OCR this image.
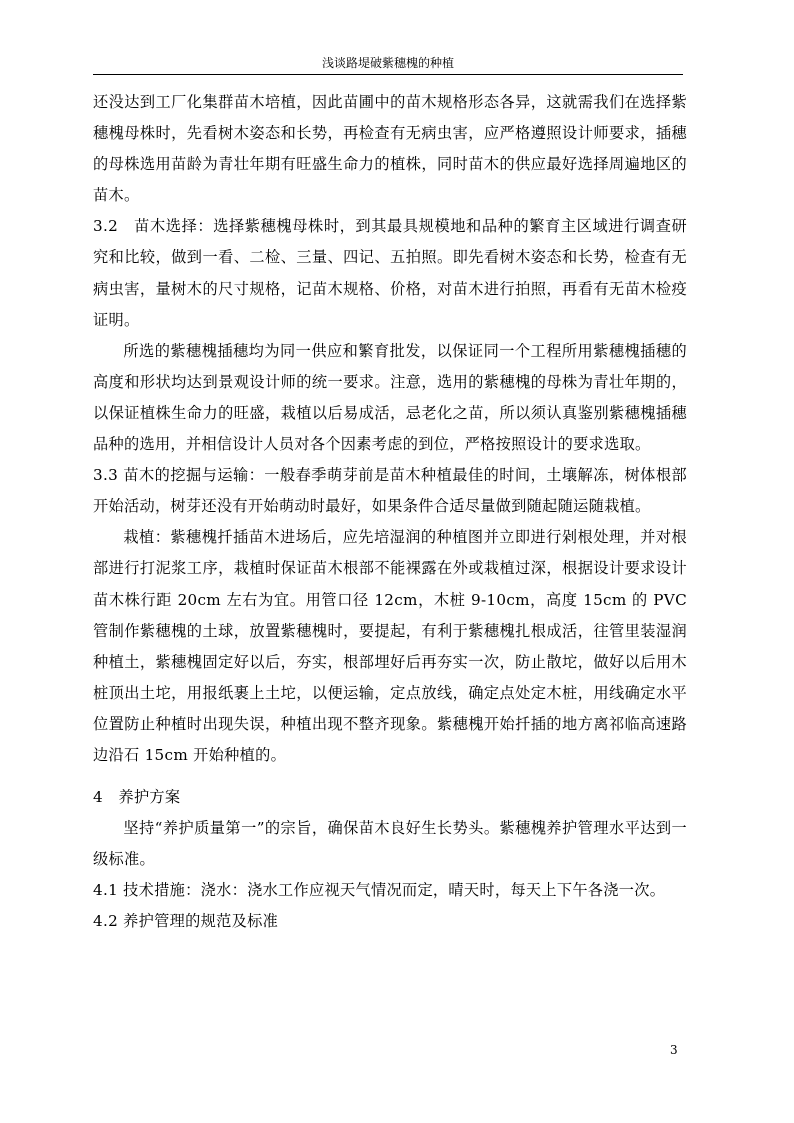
浅谈路堤破紫穗槐的种植

还没达到工厂化集群苗木培植，因此苗圃中的苗木规格形态各异，这就需我们在选择紫穗槐母株时，先看树木姿态和长势，再检查有无病虫害，应严格遵照设计师要求，插穗的母株选用苗龄为青壮年期有旺盛生命力的植株，同时苗木的供应最好选择周遍地区的苗木。

3.2　苗木选择：选择紫穗槐母株时，到其最具规模地和品种的繁育主区域进行调查研究和比较，做到一看、二检、三量、四记、五拍照。即先看树木姿态和长势，检查有无病虫害，量树木的尺寸规格，记苗木规格、价格，对苗木进行拍照，再看有无苗木检疫证明。

所选的紫穗槐插穗均为同一供应和繁育批发，以保证同一个工程所用紫穗槐插穗的高度和形状均达到景观设计师的统一要求。注意，选用的紫穗槐的母株为青壮年期的，以保证植株生命力的旺盛，栽植以后易成活，忌老化之苗，所以须认真鉴别紫穗槐插穗品种的选用，并相信设计人员对各个因素考虑的到位，严格按照设计的要求选取。

3.3 苗木的挖掘与运输：一般春季萌芽前是苗木种植最佳的时间，土壤解冻，树体根部开始活动，树芽还没有开始萌动时最好，如果条件合适尽量做到随起随运随栽植。

栽植：紫穗槐扦插苗木进场后，应先培湿润的种植图并立即进行剁根处理，并对根部进行打泥浆工序，栽植时保证苗木根部不能裸露在外或栽植过深，根据设计要求设计苗木株行距 20cm 左右为宜。用管口径 12cm，木桩 9-10cm，高度 15cm 的 PVC 管制作紫穗槐的土球，放置紫穗槐时，要提起，有利于紫穗槐扎根成活，往管里装湿润种植土，紫穗槐固定好以后，夯实，根部埋好后再夯实一次，防止散坨，做好以后用木桩顶出土坨，用报纸裹上土坨，以便运输，定点放线，确定点处定木桩，用线确定水平位置防止种植时出现失误，种植出现不整齐现象。紫穗槐开始扦插的地方离祁临高速路边沿石 15cm 开始种植的。

4　养护方案

坚持“养护质量第一”的宗旨，确保苗木良好生长势头。紫穗槐养护管理水平达到一级标准。

4.1 技术措施：浇水：浇水工作应视天气情况而定，晴天时，每天上下午各浇一次。

4.2 养护管理的规范及标准

3
